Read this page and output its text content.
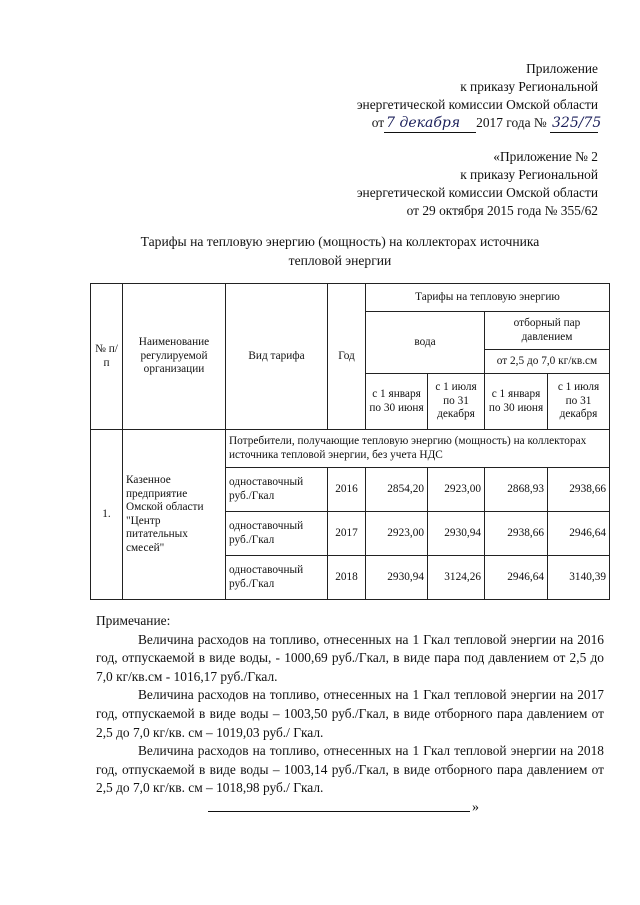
Приложение
к приказу Региональной
энергетической комиссии Омской области
от 7 декабря 2017 года № 325/75
«Приложение № 2
к приказу Региональной
энергетической комиссии Омской области
от 29 октября 2015 года № 355/62
Тарифы на тепловую энергию (мощность) на коллекторах источника
тепловой энергии
№ п/п	Наименование регулируемой организации	Вид тарифа	Год	Тарифы на тепловую энергию			
				вода		отборный пар давлением	
						от 2,5 до 7,0 кг/кв.см	
				с 1 января по 30 июня	с 1 июля по 31 декабря	с 1 января по 30 июня	с 1 июля по 31 декабря
1.	Казенное предприятие Омской области "Центр питательных смесей"	Потребители, получающие тепловую энергию (мощность) на коллекторах источника тепловой энергии, без учета НДС					
		одноставочный руб./Гкал	2016	2854,20	2923,00	2868,93	2938,66
		одноставочный руб./Гкал	2017	2923,00	2930,94	2938,66	2946,64
		одноставочный руб./Гкал	2018	2930,94	3124,26	2946,64	3140,39

Примечание:

Величина расходов на топливо, отнесенных на 1 Гкал тепловой энергии на 2016 год, отпускаемой в виде воды, - 1000,69 руб./Гкал, в виде пара под давлением от 2,5 до 7,0 кг/кв.см - 1016,17 руб./Гкал.

Величина расходов на топливо, отнесенных на 1 Гкал тепловой энергии на 2017 год, отпускаемой в виде воды – 1003,50 руб./Гкал, в виде отборного пара давлением от 2,5 до 7,0 кг/кв. см – 1019,03 руб./ Гкал.

Величина расходов на топливо, отнесенных на 1 Гкал тепловой энергии на 2018 год, отпускаемой в виде воды – 1003,14 руб./Гкал, в виде отборного пара давлением от 2,5 до 7,0 кг/кв. см – 1018,98 руб./ Гкал.

»
